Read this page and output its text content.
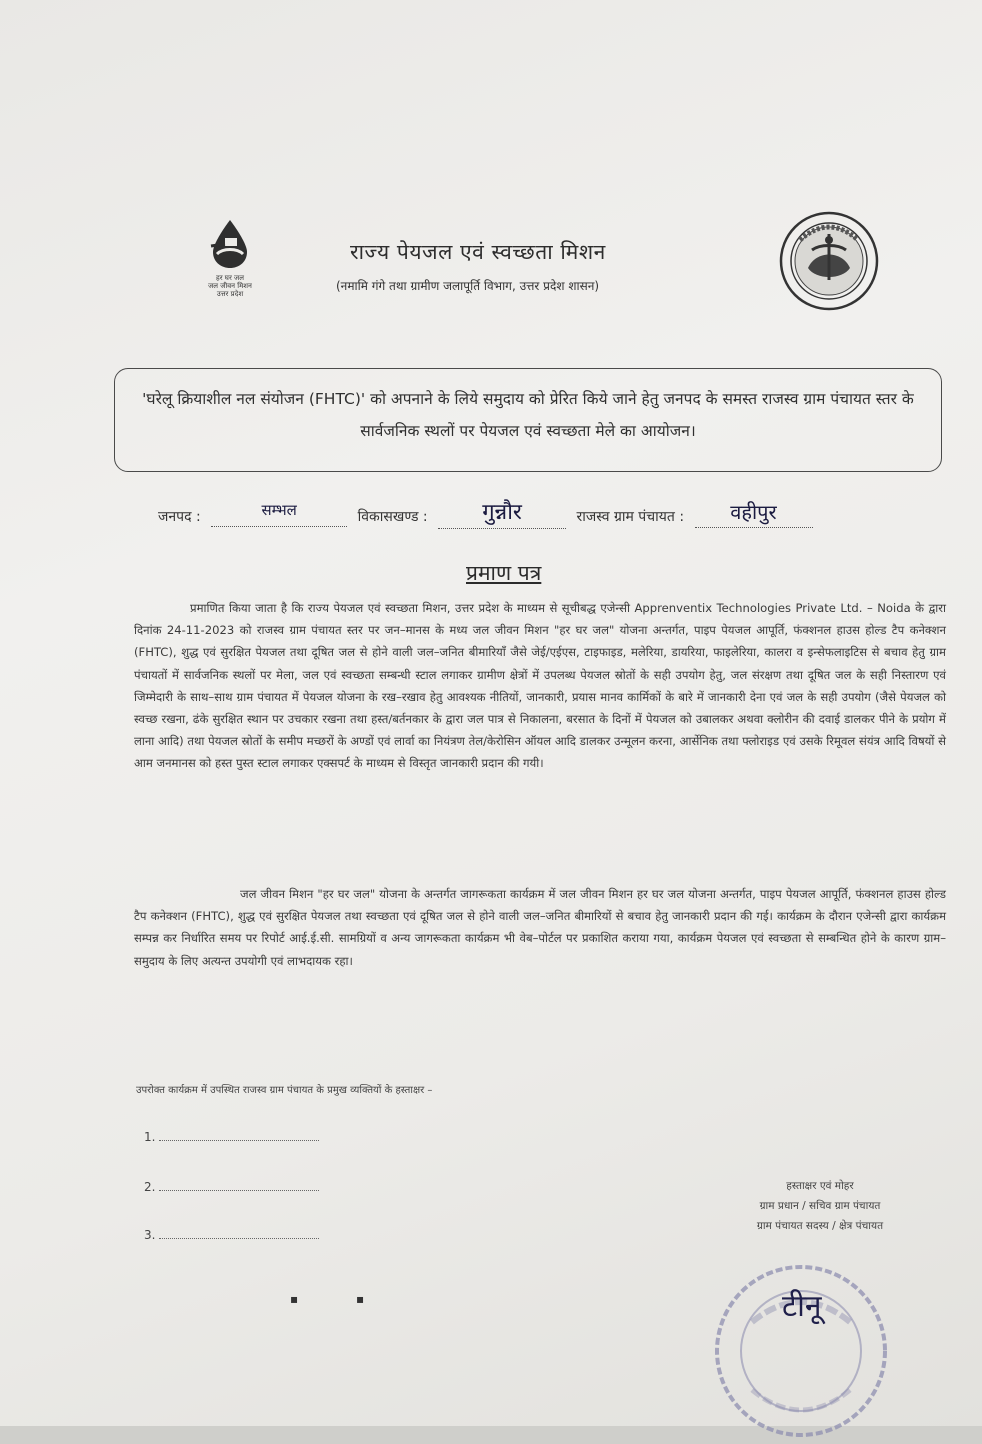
हर घर जल
जल जीवन मिशन
उत्तर प्रदेश
राज्य पेयजल एवं स्वच्छता मिशन
(नमामि गंगे तथा ग्रामीण जलापूर्ति विभाग, उत्तर प्रदेश शासन)
'घरेलू क्रियाशील नल संयोजन (FHTC)' को अपनाने के लिये समुदाय को प्रेरित किये जाने हेतु जनपद के समस्त राजस्व ग्राम पंचायत स्तर के सार्वजनिक स्थलों पर पेयजल एवं स्वच्छता मेले का आयोजन।
जनपद :	सम्भल	विकासखण्ड : गुन्नौर	राजस्व ग्राम पंचायत : वहीपुर
प्रमाण पत्र
प्रमाणित किया जाता है कि राज्य पेयजल एवं स्वच्छता मिशन, उत्तर प्रदेश के माध्यम से सूचीबद्ध एजेन्सी Apprenventix Technologies Private Ltd. – Noida के द्वारा दिनांक 24-11-2023 को राजस्व ग्राम पंचायत स्तर पर जन–मानस के मध्य जल जीवन मिशन "हर घर जल" योजना अन्तर्गत, पाइप पेयजल आपूर्ति, फंक्शनल हाउस होल्ड टैप कनेक्शन (FHTC), शुद्ध एवं सुरक्षित पेयजल तथा दूषित जल से होने वाली जल–जनित बीमारियाँ जैसे जेई/एईएस, टाइफाइड, मलेरिया, डायरिया, फाइलेरिया, कालरा व इन्सेफलाइटिस से बचाव हेतु ग्राम पंचायतों में सार्वजनिक स्थलों पर मेला, जल एवं स्वच्छता सम्बन्धी स्टाल लगाकर ग्रामीण क्षेत्रों में उपलब्ध पेयजल स्रोतों के सही उपयोग हेतु, जल संरक्षण तथा दूषित जल के सही निस्तारण एवं जिम्मेदारी के साथ–साथ ग्राम पंचायत में पेयजल योजना के रख–रखाव हेतु आवश्यक नीतियों, जानकारी, प्रयास मानव कार्मिकों के बारे में जानकारी देना एवं जल के सही उपयोग (जैसे पेयजल को स्वच्छ रखना, ढंके सुरक्षित स्थान पर उचकार रखना तथा हस्त/बर्तनकार के द्वारा जल पात्र से निकालना, बरसात के दिनों में पेयजल को उबालकर अथवा क्लोरीन की दवाई डालकर पीने के प्रयोग में लाना आदि) तथा पेयजल स्रोतों के समीप मच्छरों के अण्डों एवं लार्वा का नियंत्रण तेल/केरोसिन ऑयल आदि डालकर उन्मूलन करना, आर्सेनिक तथा फ्लोराइड एवं उसके रिमूवल संयंत्र आदि विषयों से आम जनमानस को हस्त पुस्त स्टाल लगाकर एक्सपर्ट के माध्यम से विस्तृत जानकारी प्रदान की गयी।
जल जीवन मिशन "हर घर जल" योजना के अन्तर्गत जागरूकता कार्यक्रम में जल जीवन मिशन हर घर जल योजना अन्तर्गत, पाइप पेयजल आपूर्ति, फंक्शनल हाउस होल्ड टैप कनेक्शन (FHTC), शुद्ध एवं सुरक्षित पेयजल तथा स्वच्छता एवं दूषित जल से होने वाली जल–जनित बीमारियों से बचाव हेतु जानकारी प्रदान की गई। कार्यक्रम के दौरान एजेन्सी द्वारा कार्यक्रम सम्पन्न कर निर्धारित समय पर रिपोर्ट आई.ई.सी. सामग्रियों व अन्य जागरूकता कार्यक्रम भी वेब–पोर्टल पर प्रकाशित कराया गया, कार्यक्रम पेयजल एवं स्वच्छता से सम्बन्धित होने के कारण ग्राम–समुदाय के लिए अत्यन्त उपयोगी एवं लाभदायक रहा।
उपरोक्त कार्यक्रम में उपस्थित राजस्व ग्राम पंचायत के प्रमुख व्यक्तियों के हस्ताक्षर –
1.
2.
3.
हस्ताक्षर एवं मोहर
ग्राम प्रधान / सचिव ग्राम पंचायत
ग्राम पंचायत सदस्य / क्षेत्र पंचायत
टीनू
▪	▪
